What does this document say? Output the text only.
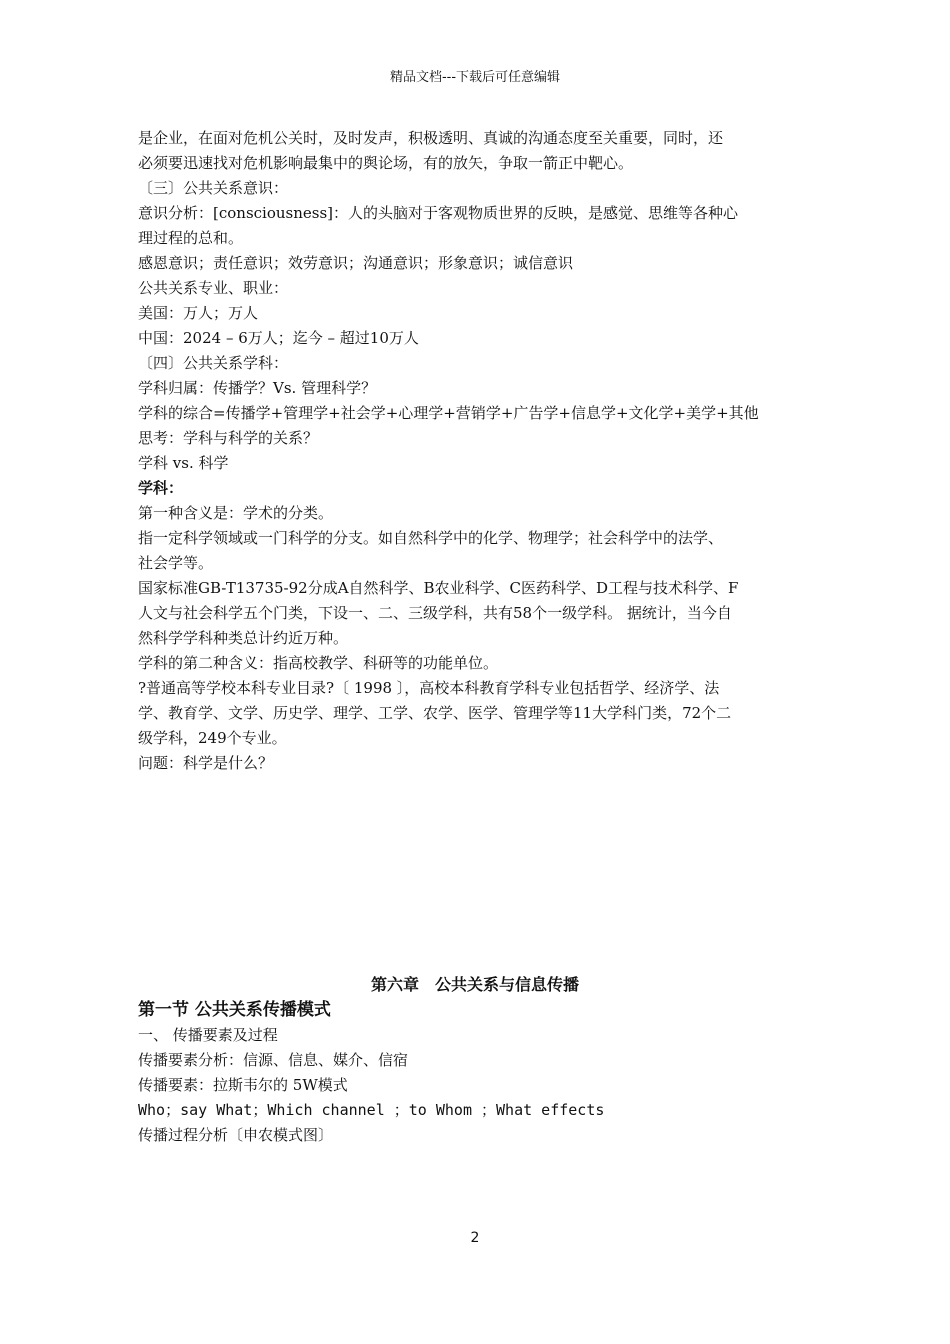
精品文档---下载后可任意编辑
是企业，在面对危机公关时，及时发声，积极透明、真诚的沟通态度至关重要，同时，还
必须要迅速找对危机影响最集中的舆论场，有的放矢，争取一箭正中靶心。
〔三〕公共关系意识：
意识分析：[consciousness]：人的头脑对于客观物质世界的反映，是感觉、思维等各种心
理过程的总和。
感恩意识；责任意识；效劳意识；沟通意识；形象意识；诚信意识
公共关系专业、职业：
美国：万人；万人
中国：2024 – 6万人；迄今 – 超过10万人
〔四〕公共关系学科：
学科归属：传播学？Vs. 管理科学？
学科的综合=传播学+管理学+社会学+心理学+营销学+广告学+信息学+文化学+美学+其他
思考：学科与科学的关系？
学科 vs. 科学
学科：
第一种含义是：学术的分类。
指一定科学领域或一门科学的分支。如自然科学中的化学、物理学；社会科学中的法学、
社会学等。
国家标准GB-T13735-92分成A自然科学、B农业科学、C医药科学、D工程与技术科学、F
人文与社会科学五个门类，下设一、二、三级学科，共有58个一级学科。 据统计，当今自
然科学学科种类总计约近万种。
学科的第二种含义：指高校教学、科研等的功能单位。
?普通高等学校本科专业目录?〔 1998 〕，高校本科教育学科专业包括哲学、经济学、法
学、教育学、文学、历史学、理学、工学、农学、医学、管理学等11大学科门类，72个二
级学科，249个专业。
问题：科学是什么？
第六章　公共关系与信息传播
第一节 公共关系传播模式
一、 传播要素及过程
传播要素分析：信源、信息、媒介、信宿
传播要素：拉斯韦尔的 5W模式
Who；say What；Which channel ；to Whom ；What effects
传播过程分析〔申农模式图〕
2
